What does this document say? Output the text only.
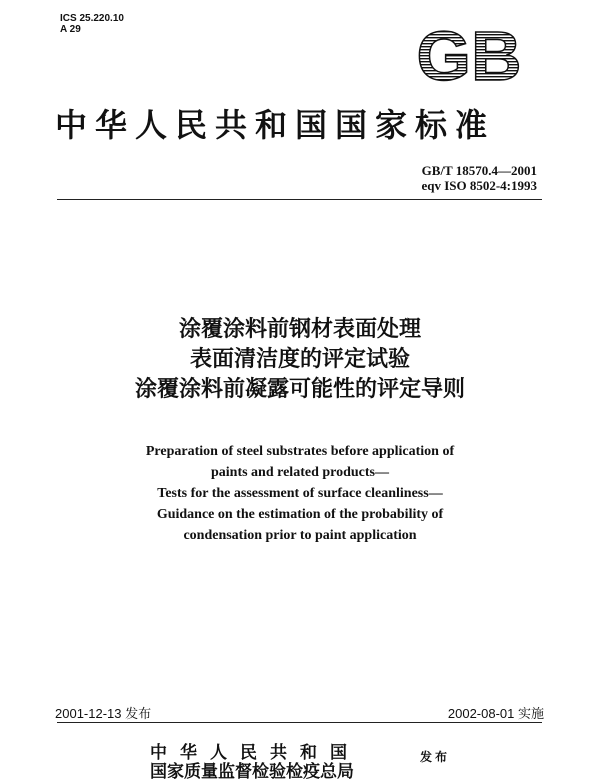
ICS 25.220.10
A 29	GB
中华人民共和国国家标准
GB/T 18570.4—2001
eqv ISO 8502-4:1993
涂覆涂料前钢材表面处理
表面清洁度的评定试验
涂覆涂料前凝露可能性的评定导则
Preparation of steel substrates before application of
paints and related products—
Tests for the assessment of surface cleanliness—
Guidance on the estimation of the probability of
condensation prior to paint application
2001-12-13 发布	2002-08-01 实施
中华人民共和国
国家质量监督检验检疫总局
发布
